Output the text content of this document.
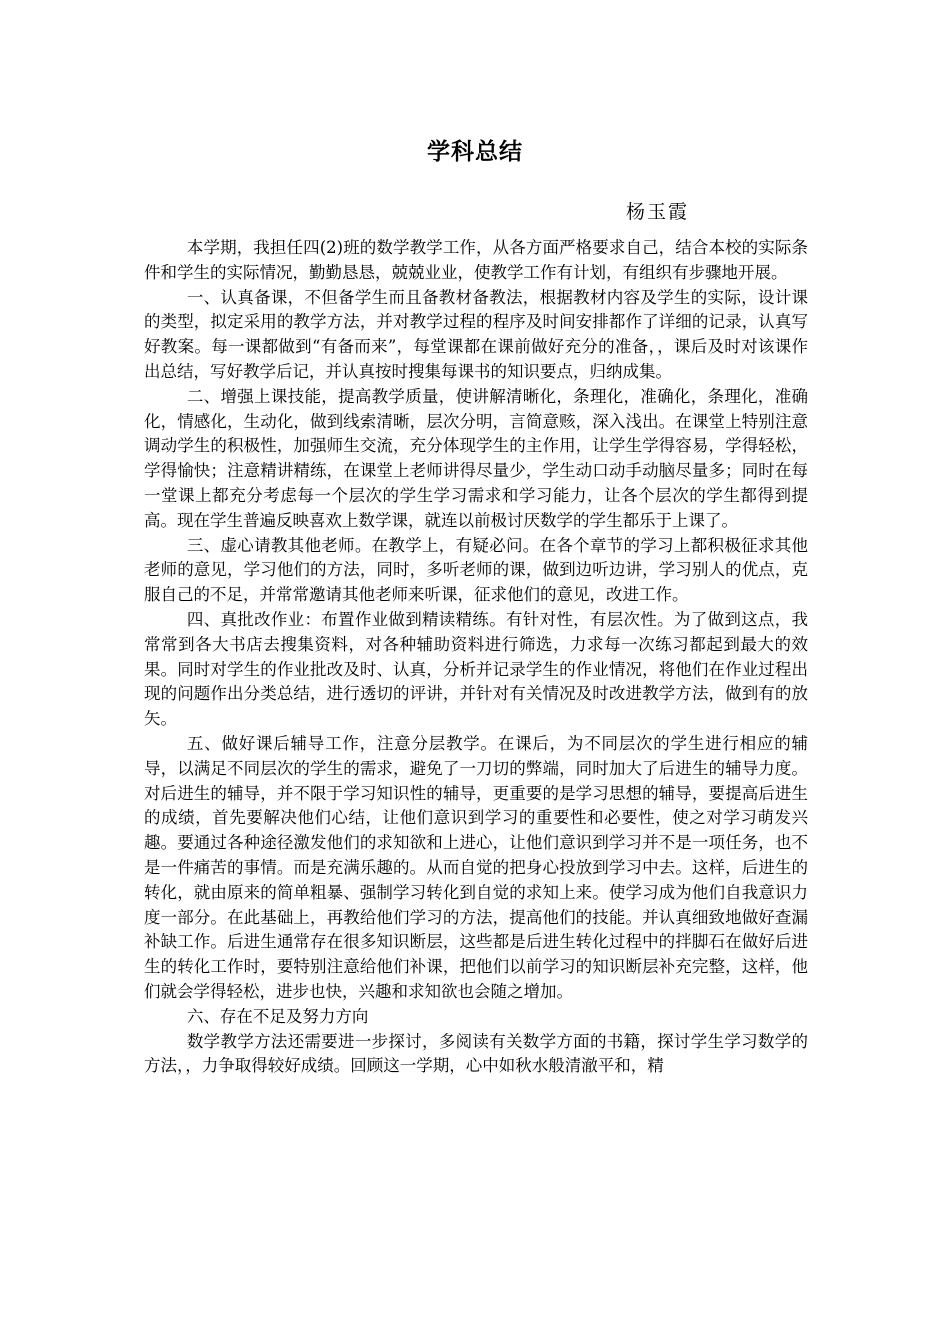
学科总结
杨玉霞

本学期，我担任四(2)班的数学教学工作，从各方面严格要求自己，结合本校的实际条件和学生的实际情况，勤勤恳恳，兢兢业业，使教学工作有计划，有组织有步骤地开展。

一、认真备课，不但备学生而且备教材备教法，根据教材内容及学生的实际，设计课的类型，拟定采用的教学方法，并对教学过程的程序及时间安排都作了详细的记录，认真写好教案。每一课都做到“有备而来”，每堂课都在课前做好充分的准备，，课后及时对该课作出总结，写好教学后记，并认真按时搜集每课书的知识要点，归纳成集。

二、增强上课技能，提高教学质量，使讲解清晰化，条理化，准确化，条理化，准确化，情感化，生动化，做到线索清晰，层次分明，言简意赅，深入浅出。在课堂上特别注意调动学生的积极性，加强师生交流，充分体现学生的主作用，让学生学得容易，学得轻松，学得愉快；注意精讲精练，在课堂上老师讲得尽量少，学生动口动手动脑尽量多；同时在每一堂课上都充分考虑每一个层次的学生学习需求和学习能力，让各个层次的学生都得到提高。现在学生普遍反映喜欢上数学课，就连以前极讨厌数学的学生都乐于上课了。

三、虚心请教其他老师。在教学上，有疑必问。在各个章节的学习上都积极征求其他老师的意见，学习他们的方法，同时，多听老师的课，做到边听边讲，学习别人的优点，克服自己的不足，并常常邀请其他老师来听课，征求他们的意见，改进工作。

四、真批改作业：布置作业做到精读精练。有针对性，有层次性。为了做到这点，我常常到各大书店去搜集资料，对各种辅助资料进行筛选，力求每一次练习都起到最大的效果。同时对学生的作业批改及时、认真，分析并记录学生的作业情况，将他们在作业过程出现的问题作出分类总结，进行透切的评讲，并针对有关情况及时改进教学方法，做到有的放矢。

五、做好课后辅导工作，注意分层教学。在课后，为不同层次的学生进行相应的辅导，以满足不同层次的学生的需求，避免了一刀切的弊端，同时加大了后进生的辅导力度。对后进生的辅导，并不限于学习知识性的辅导，更重要的是学习思想的辅导，要提高后进生的成绩，首先要解决他们心结，让他们意识到学习的重要性和必要性，使之对学习萌发兴趣。要通过各种途径激发他们的求知欲和上进心，让他们意识到学习并不是一项任务，也不是一件痛苦的事情。而是充满乐趣的。从而自觉的把身心投放到学习中去。这样，后进生的转化，就由原来的简单粗暴、强制学习转化到自觉的求知上来。使学习成为他们自我意识力度一部分。在此基础上，再教给他们学习的方法，提高他们的技能。并认真细致地做好查漏补缺工作。后进生通常存在很多知识断层，这些都是后进生转化过程中的拌脚石在做好后进生的转化工作时，要特别注意给他们补课，把他们以前学习的知识断层补充完整，这样，他们就会学得轻松，进步也快，兴趣和求知欲也会随之增加。

六、存在不足及努力方向

数学教学方法还需要进一步探讨，多阅读有关数学方面的书籍，探讨学生学习数学的方法，，力争取得较好成绩。回顾这一学期，心中如秋水般清澈平和，精
